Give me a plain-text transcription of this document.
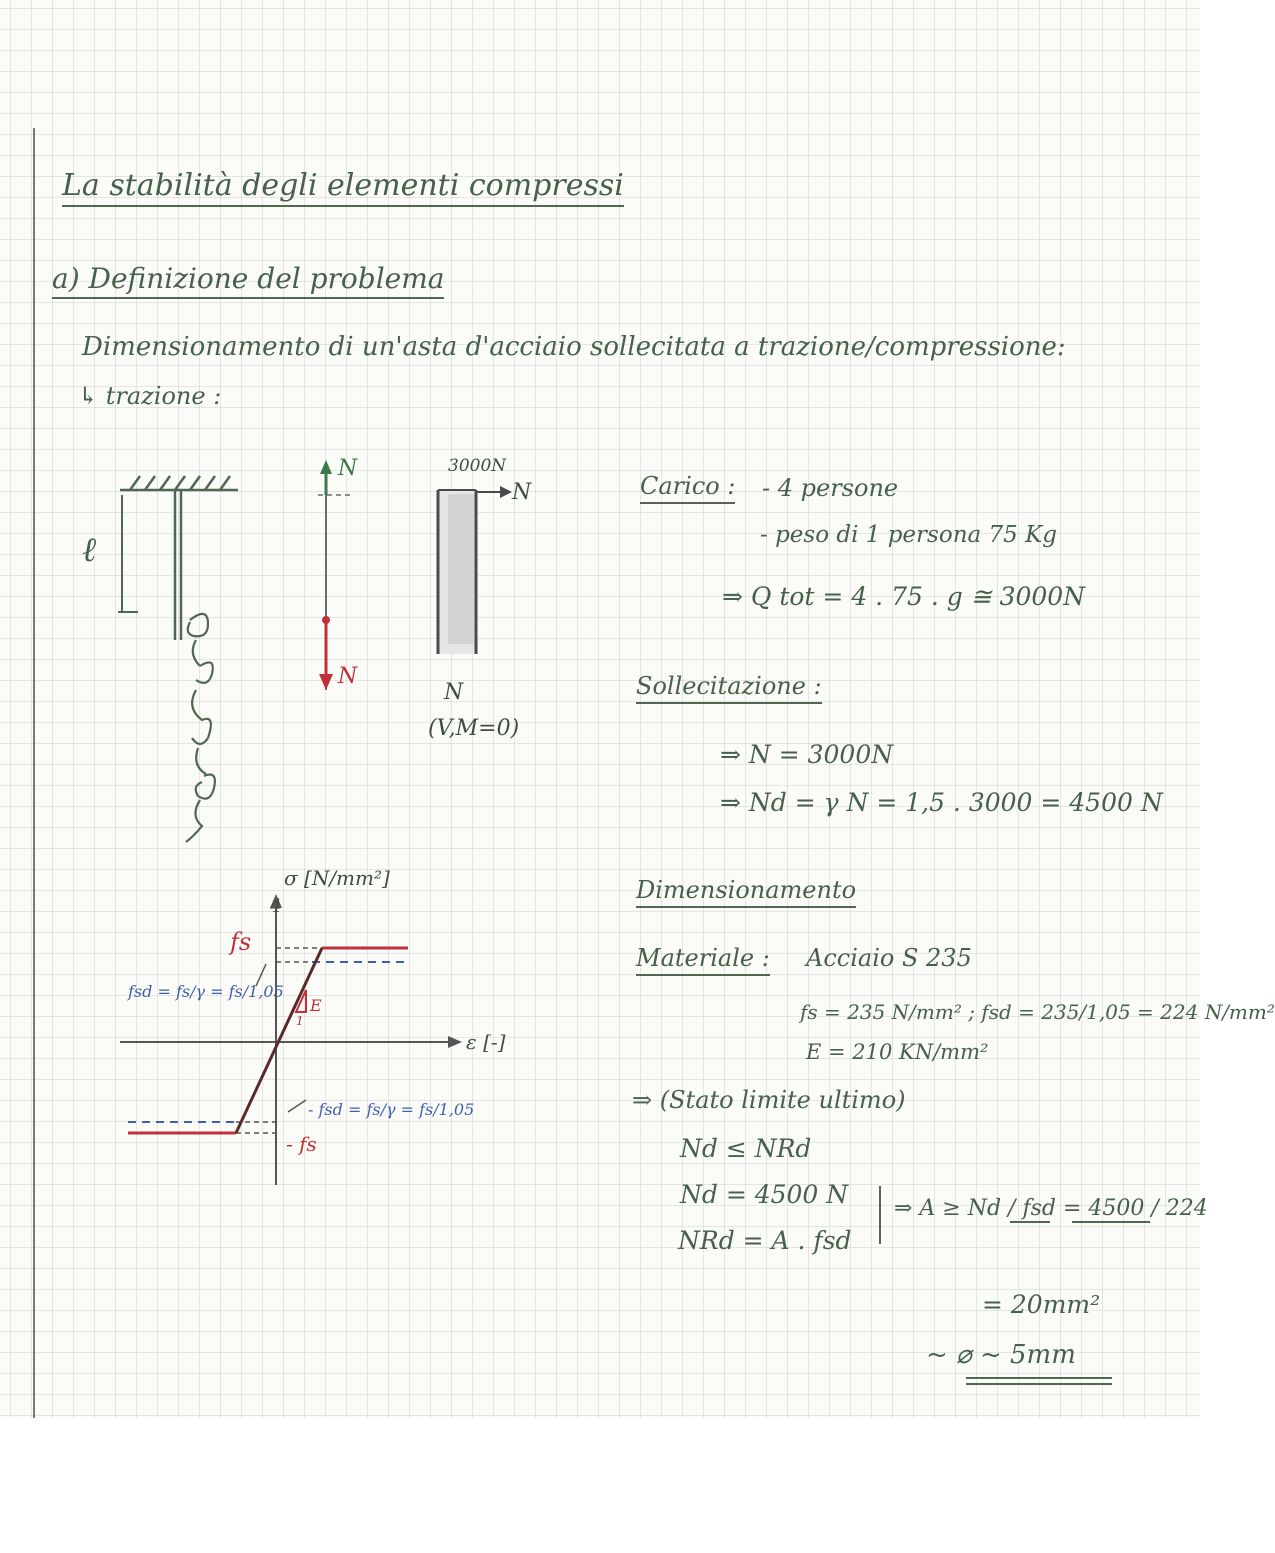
La stabilità degli elementi compressi
a) Definizione del problema
Dimensionamento di un'asta d'acciaio sollecitata a trazione/compressione:
↳ trazione :
ℓ
N
N
3000N
N
N
(V,M=0)
Carico : - 4 persone
- peso di 1 persona 75 Kg
⇒ Q tot = 4 . 75 . g ≅ 3000N
Sollecitazione :
⇒ N = 3000N
⇒ Nd = γ N = 1,5 . 3000 = 4500 N
Dimensionamento
Materiale : Acciaio S 235
fs = 235 N/mm² ; fsd = 235/1,05 = 224 N/mm²
E = 210 KN/mm²
⇒ (Stato limite ultimo)
Nd ≤ NRd
Nd = 4500 N
NRd = A . fsd
⇒ A ≥ Nd / fsd = 4500 / 224
= 20mm²
~ ⌀ ~ 5mm
σ [N/mm²]
ε [-]
4
fs
fsd = fs/γ = fs/1,05
E
1
- fsd = fs/γ = fs/1,05
- fs
